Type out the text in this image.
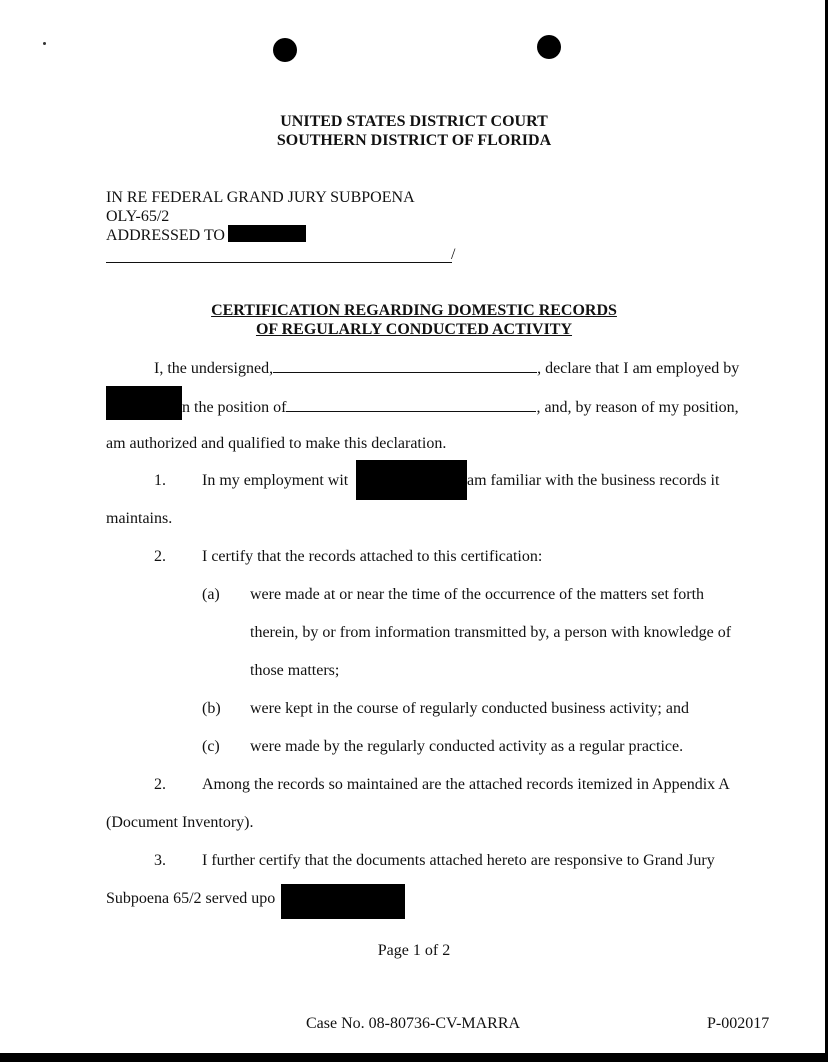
UNITED STATES DISTRICT COURT
SOUTHERN DISTRICT OF FLORIDA
IN RE FEDERAL GRAND JURY SUBPOENA
OLY-65/2
ADDRESSED TO
/
CERTIFICATION REGARDING DOMESTIC RECORDS
OF REGULARLY CONDUCTED ACTIVITY
I, the undersigned,	, declare that I am employed by
n the position of	, and, by reason of my position,
am authorized and qualified to make this declaration.
1. In my employment wit	am familiar with the business records it
maintains.
2. I certify that the records attached to this certification:
(a) were made at or near the time of the occurrence of the matters set forth
therein, by or from information transmitted by, a person with knowledge of
those matters;
(b) were kept in the course of regularly conducted business activity; and
(c) were made by the regularly conducted activity as a regular practice.
2. Among the records so maintained are the attached records itemized in Appendix A
(Document Inventory).
3. I further certify that the documents attached hereto are responsive to Grand Jury
Subpoena 65/2 served upo
Page 1 of 2
Case No. 08-80736-CV-MARRA	P-002017
